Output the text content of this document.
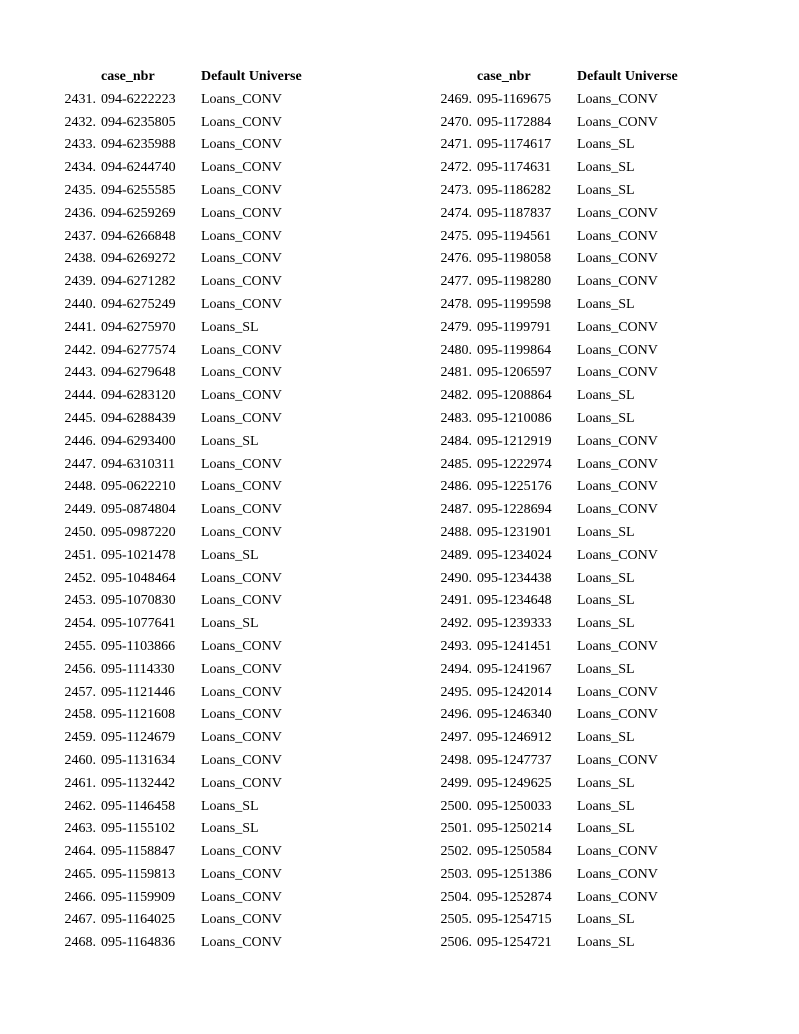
case_nbr	Default Universe
2431. 094-6222223 Loans_CONV
2432. 094-6235805 Loans_CONV
2433. 094-6235988 Loans_CONV
2434. 094-6244740 Loans_CONV
2435. 094-6255585 Loans_CONV
2436. 094-6259269 Loans_CONV
2437. 094-6266848 Loans_CONV
2438. 094-6269272 Loans_CONV
2439. 094-6271282 Loans_CONV
2440. 094-6275249 Loans_CONV
2441. 094-6275970 Loans_SL
2442. 094-6277574 Loans_CONV
2443. 094-6279648 Loans_CONV
2444. 094-6283120 Loans_CONV
2445. 094-6288439 Loans_CONV
2446. 094-6293400 Loans_SL
2447. 094-6310311 Loans_CONV
2448. 095-0622210 Loans_CONV
2449. 095-0874804 Loans_CONV
2450. 095-0987220 Loans_CONV
2451. 095-1021478 Loans_SL
2452. 095-1048464 Loans_CONV
2453. 095-1070830 Loans_CONV
2454. 095-1077641 Loans_SL
2455. 095-1103866 Loans_CONV
2456. 095-1114330 Loans_CONV
2457. 095-1121446 Loans_CONV
2458. 095-1121608 Loans_CONV
2459. 095-1124679 Loans_CONV
2460. 095-1131634 Loans_CONV
2461. 095-1132442 Loans_CONV
2462. 095-1146458 Loans_SL
2463. 095-1155102 Loans_SL
2464. 095-1158847 Loans_CONV
2465. 095-1159813 Loans_CONV
2466. 095-1159909 Loans_CONV
2467. 095-1164025 Loans_CONV
2468. 095-1164836 Loans_CONV
case_nbr	Default Universe
2469. 095-1169675 Loans_CONV
2470. 095-1172884 Loans_CONV
2471. 095-1174617 Loans_SL
2472. 095-1174631 Loans_SL
2473. 095-1186282 Loans_SL
2474. 095-1187837 Loans_CONV
2475. 095-1194561 Loans_CONV
2476. 095-1198058 Loans_CONV
2477. 095-1198280 Loans_CONV
2478. 095-1199598 Loans_SL
2479. 095-1199791 Loans_CONV
2480. 095-1199864 Loans_CONV
2481. 095-1206597 Loans_CONV
2482. 095-1208864 Loans_SL
2483. 095-1210086 Loans_SL
2484. 095-1212919 Loans_CONV
2485. 095-1222974 Loans_CONV
2486. 095-1225176 Loans_CONV
2487. 095-1228694 Loans_CONV
2488. 095-1231901 Loans_SL
2489. 095-1234024 Loans_CONV
2490. 095-1234438 Loans_SL
2491. 095-1234648 Loans_SL
2492. 095-1239333 Loans_SL
2493. 095-1241451 Loans_CONV
2494. 095-1241967 Loans_SL
2495. 095-1242014 Loans_CONV
2496. 095-1246340 Loans_CONV
2497. 095-1246912 Loans_SL
2498. 095-1247737 Loans_CONV
2499. 095-1249625 Loans_SL
2500. 095-1250033 Loans_SL
2501. 095-1250214 Loans_SL
2502. 095-1250584 Loans_CONV
2503. 095-1251386 Loans_CONV
2504. 095-1252874 Loans_CONV
2505. 095-1254715 Loans_SL
2506. 095-1254721 Loans_SL
